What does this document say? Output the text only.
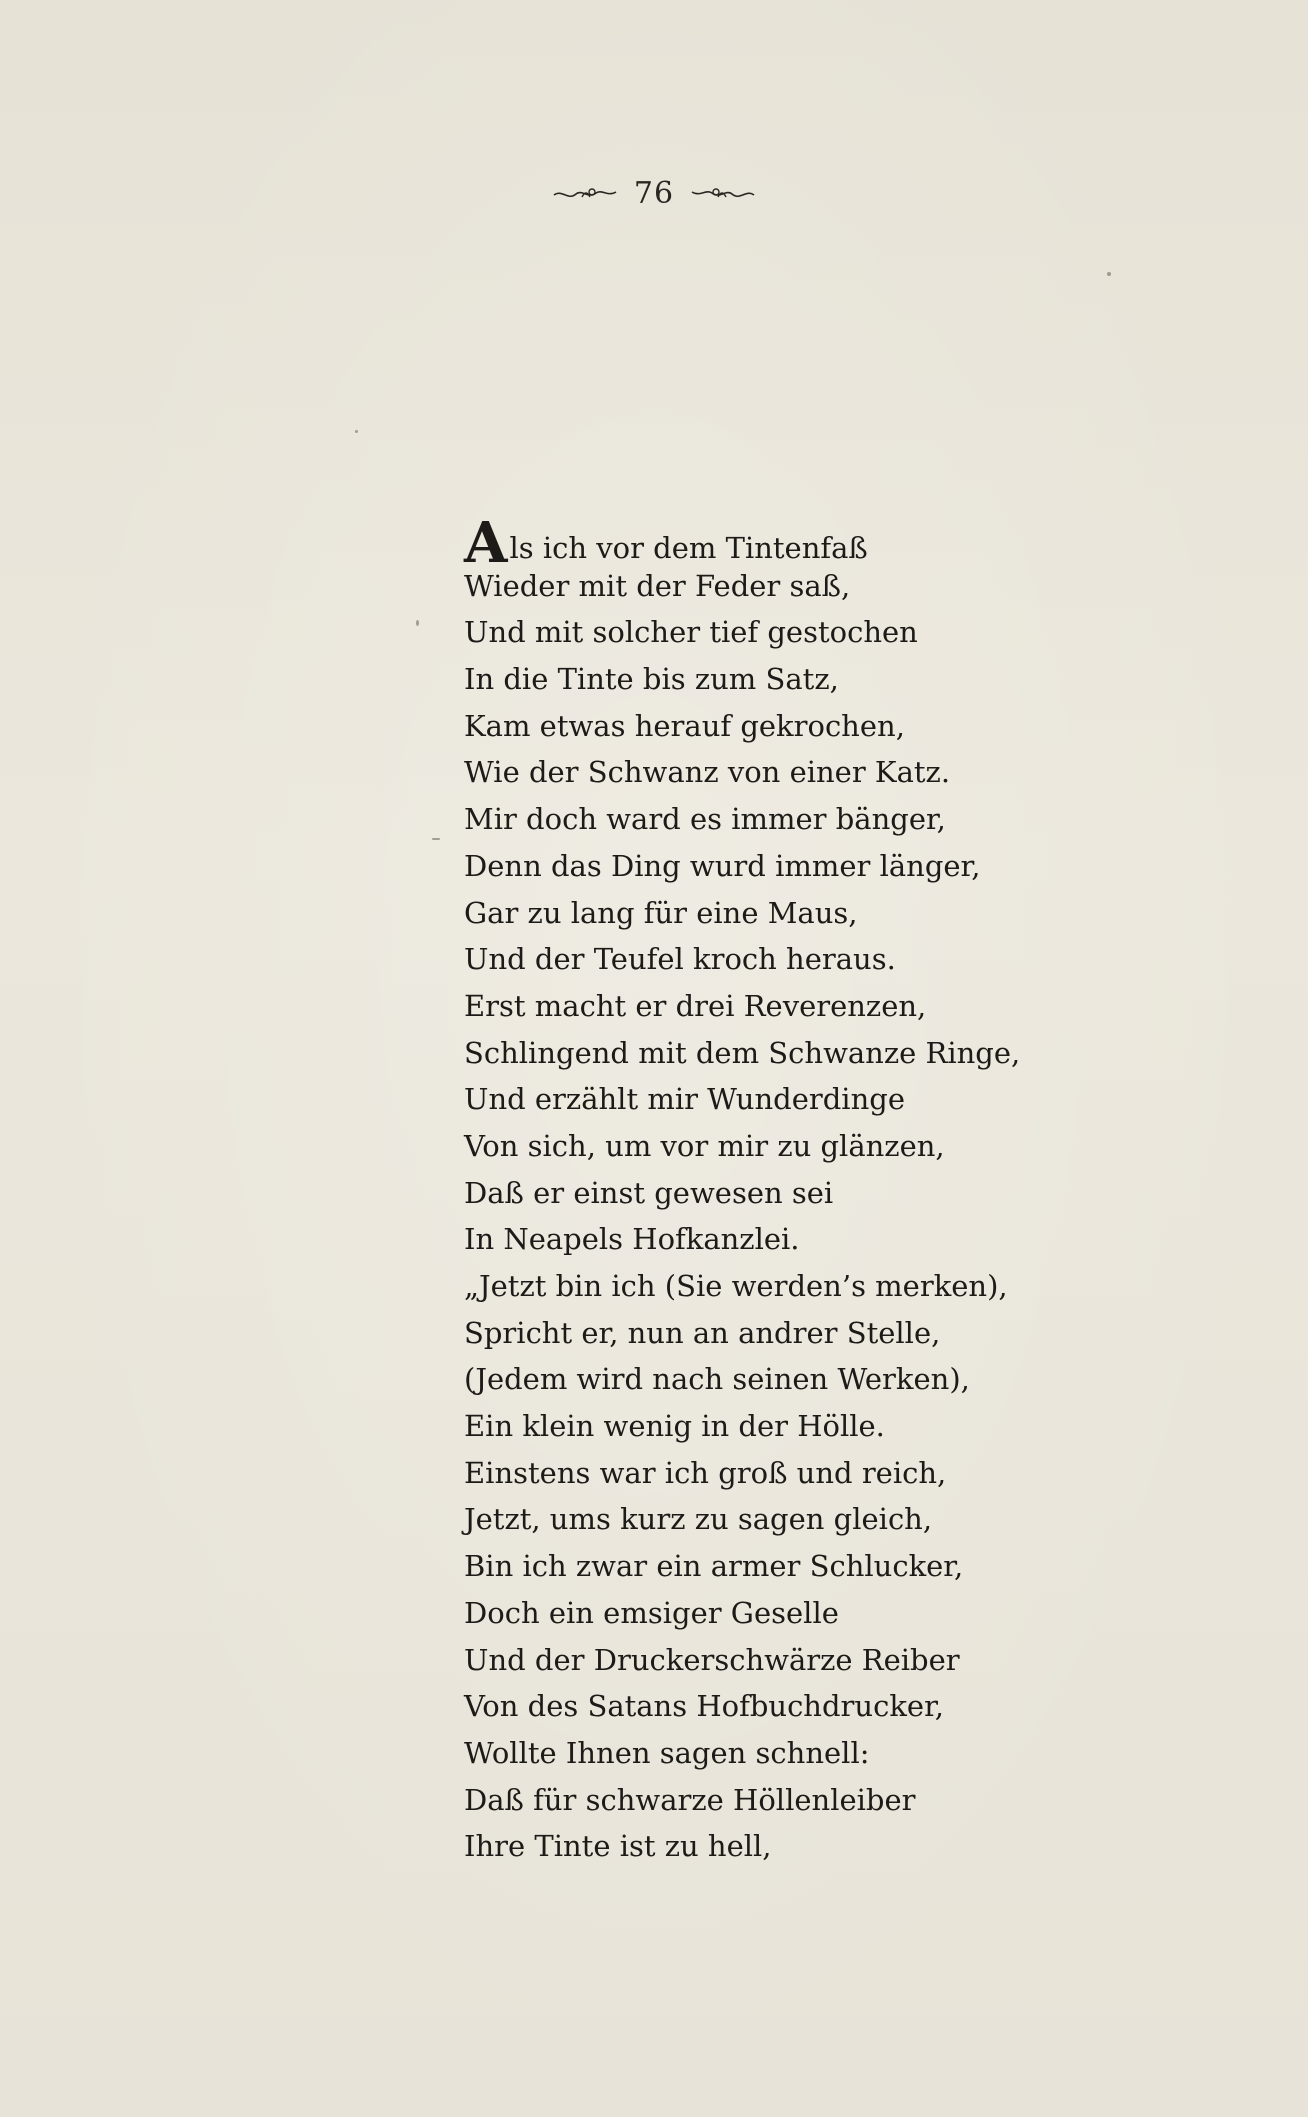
76
A ls ich vor dem Tintenfaß
Wieder mit der Feder saß,
Und mit solcher tief gestochen
In die Tinte bis zum Satz,
Kam etwas herauf gekrochen,
Wie der Schwanz von einer Katz.
Mir doch ward es immer bänger,
Denn das Ding wurd immer länger,
Gar zu lang für eine Maus,
Und der Teufel kroch heraus.
Erst macht er drei Reverenzen,
Schlingend mit dem Schwanze Ringe,
Und erzählt mir Wunderdinge
Von sich, um vor mir zu glänzen,
Daß er einst gewesen sei
In Neapels Hofkanzlei.
„Jetzt bin ich (Sie werden’s merken),
Spricht er, nun an andrer Stelle,
(Jedem wird nach seinen Werken),
Ein klein wenig in der Hölle.
Einstens war ich groß und reich,
Jetzt, ums kurz zu sagen gleich,
Bin ich zwar ein armer Schlucker,
Doch ein emsiger Geselle
Und der Druckerschwärze Reiber
Von des Satans Hofbuchdrucker,
Wollte Ihnen sagen schnell:
Daß für schwarze Höllenleiber
Ihre Tinte ist zu hell,
